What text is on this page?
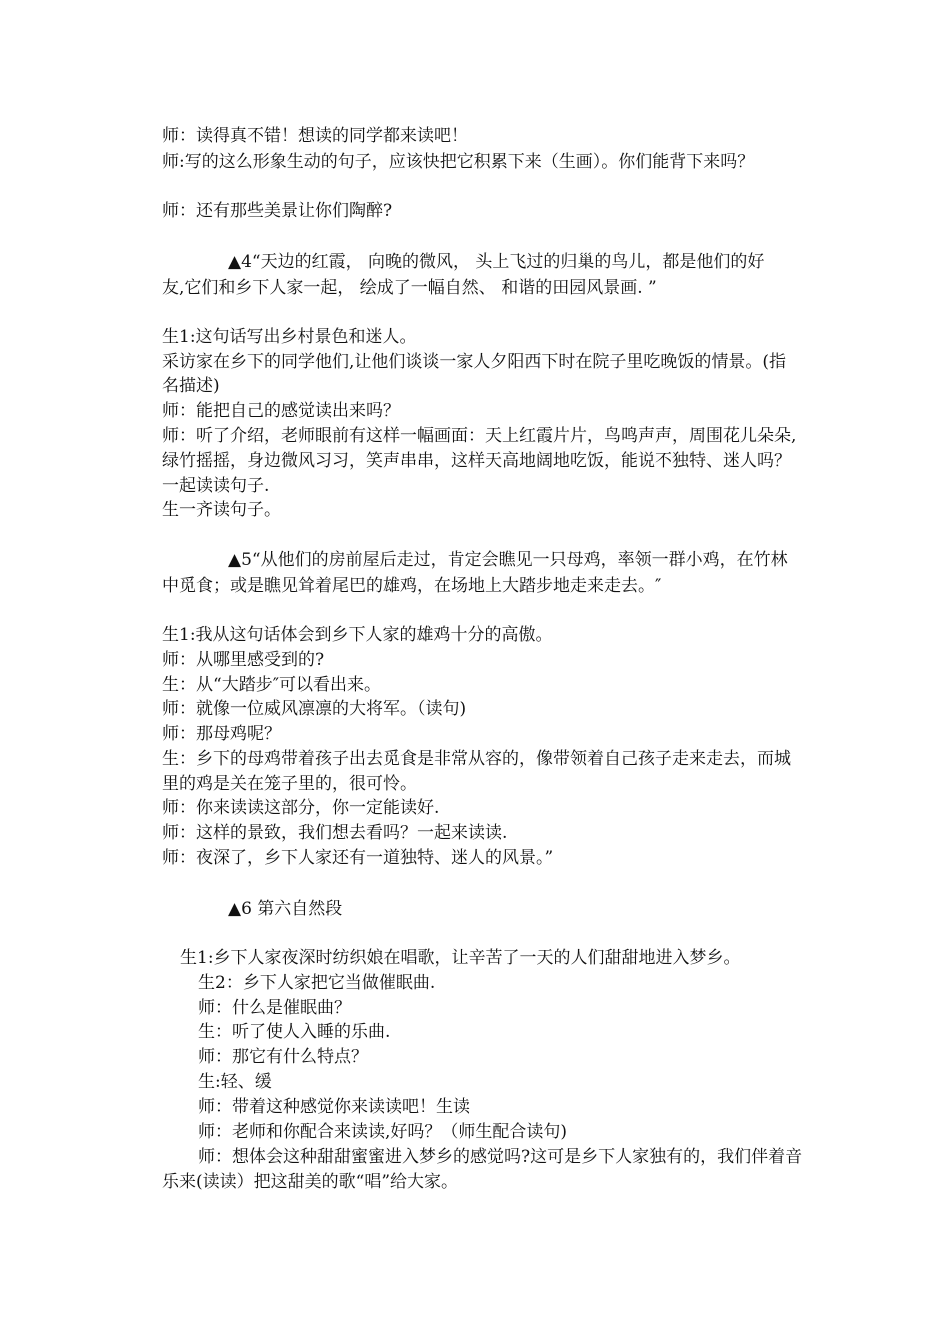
师：读得真不错！想读的同学都来读吧！
师:写的这么形象生动的句子，应该快把它积累下来（生画）。你们能背下来吗？
师：还有那些美景让你们陶醉?
▲4“天边的红霞， 向晚的微风， 头上飞过的归巢的鸟儿，都是他们的好
友,它们和乡下人家一起， 绘成了一幅自然、 和谐的田园风景画. ”
生1:这句话写出乡村景色和迷人。
采访家在乡下的同学他们,让他们谈谈一家人夕阳西下时在院子里吃晚饭的情景。(指
名描述)
师：能把自己的感觉读出来吗？
师：听了介绍，老师眼前有这样一幅画面：天上红霞片片，鸟鸣声声，周围花儿朵朵,
绿竹摇摇，身边微风习习，笑声串串，这样天高地阔地吃饭，能说不独特、迷人吗？
一起读读句子.
生一齐读句子。
▲5“从他们的房前屋后走过，肯定会瞧见一只母鸡，率领一群小鸡，在竹林
中觅食；或是瞧见耸着尾巴的雄鸡，在场地上大踏步地走来走去。″
生1:我从这句话体会到乡下人家的雄鸡十分的高傲。
师：从哪里感受到的?
生：从“大踏步″可以看出来。
师：就像一位威风凛凛的大将军。（读句)
师：那母鸡呢？
生：乡下的母鸡带着孩子出去觅食是非常从容的，像带领着自己孩子走来走去，而城
里的鸡是关在笼子里的，很可怜。
师：你来读读这部分，你一定能读好.
师：这样的景致，我们想去看吗？一起来读读.
师：夜深了，乡下人家还有一道独特、迷人的风景。”
▲6 第六自然段
生1:乡下人家夜深时纺织娘在唱歌，让辛苦了一天的人们甜甜地进入梦乡。
生2：乡下人家把它当做催眠曲.
师：什么是催眠曲？
生：听了使人入睡的乐曲.
师：那它有什么特点？
生:轻、缓
师：带着这种感觉你来读读吧！生读
师：老师和你配合来读读,好吗？（师生配合读句)
师：想体会这种甜甜蜜蜜进入梦乡的感觉吗?这可是乡下人家独有的，我们伴着音
乐来(读读）把这甜美的歌“唱”给大家。
